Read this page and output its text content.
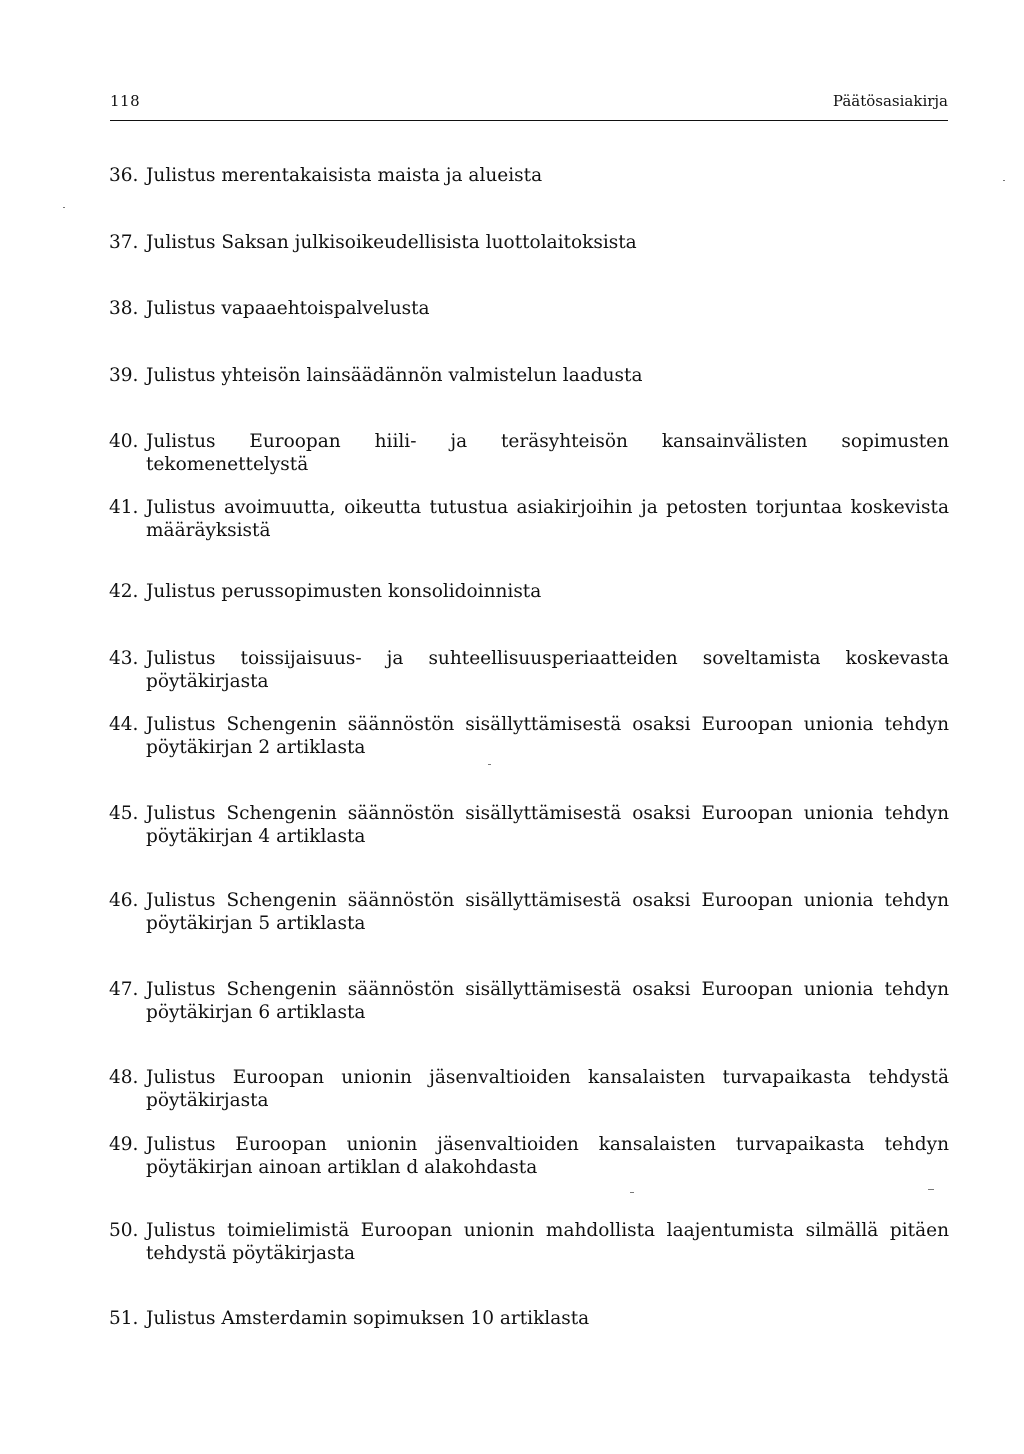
118	Päätösasiakirja
36. Julistus merentakaisista maista ja alueista
37. Julistus Saksan julkisoikeudellisista luottolaitoksista
38. Julistus vapaaehtoispalvelusta
39. Julistus yhteisön lainsäädännön valmistelun laadusta
40. Julistus Euroopan hiili- ja teräsyhteisön kansainvälisten sopimusten tekomenettelystä
41. Julistus avoimuutta, oikeutta tutustua asiakirjoihin ja petosten torjuntaa koskevista määräyksistä
42. Julistus perussopimusten konsolidoinnista
43. Julistus toissijaisuus- ja suhteellisuusperiaatteiden soveltamista koskevasta pöytäkirjasta
44. Julistus Schengenin säännöstön sisällyttämisestä osaksi Euroopan unionia tehdyn pöytäkirjan 2 artiklasta
45. Julistus Schengenin säännöstön sisällyttämisestä osaksi Euroopan unionia tehdyn pöytäkirjan 4 artiklasta
46. Julistus Schengenin säännöstön sisällyttämisestä osaksi Euroopan unionia tehdyn pöytäkirjan 5 artiklasta
47. Julistus Schengenin säännöstön sisällyttämisestä osaksi Euroopan unionia tehdyn pöytäkirjan 6 artiklasta
48. Julistus Euroopan unionin jäsenvaltioiden kansalaisten turvapaikasta tehdystä pöytäkirjasta
49. Julistus Euroopan unionin jäsenvaltioiden kansalaisten turvapaikasta tehdyn pöytäkirjan ainoan artiklan d alakohdasta
50. Julistus toimielimistä Euroopan unionin mahdollista laajentumista silmällä pitäen tehdystä pöytäkirjasta
51. Julistus Amsterdamin sopimuksen 10 artiklasta
